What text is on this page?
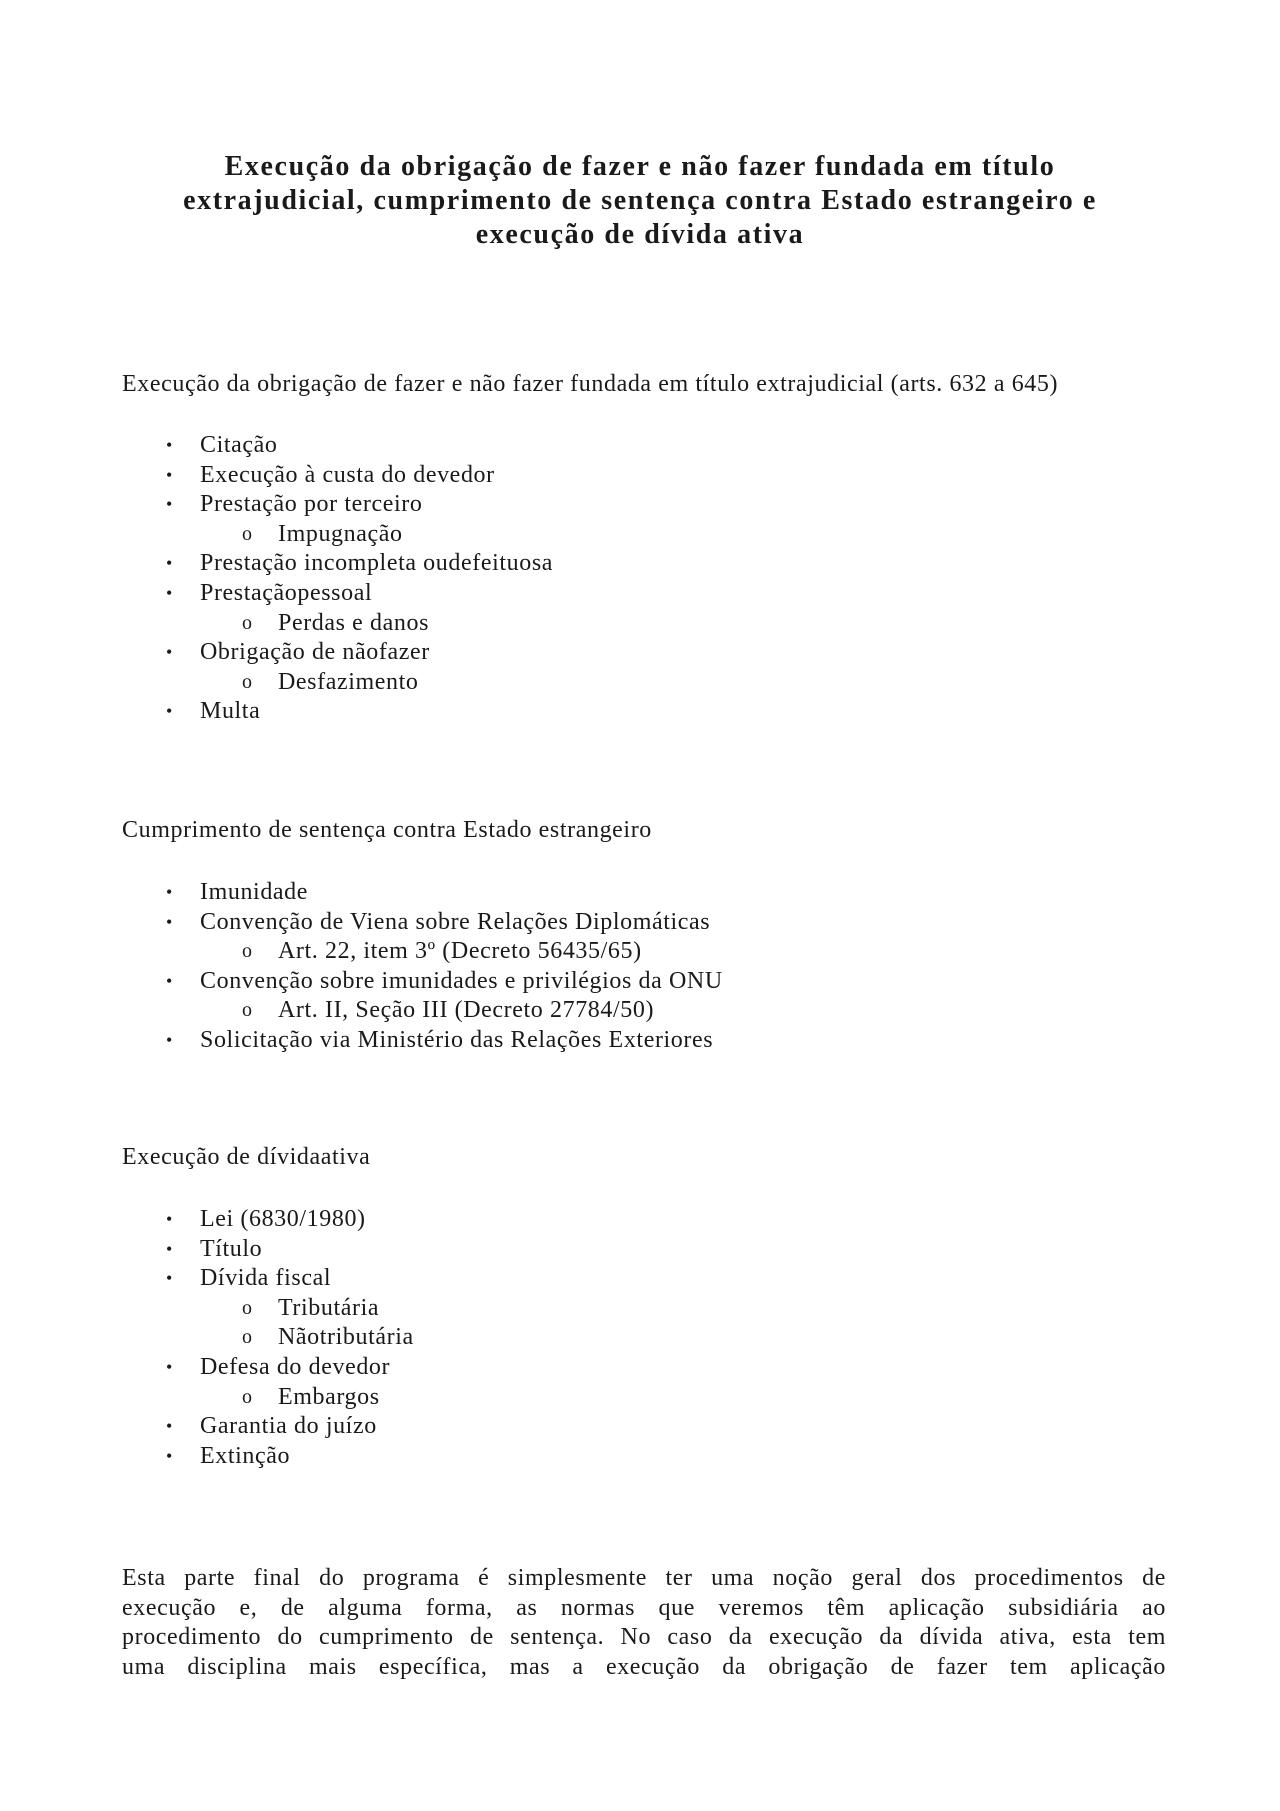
Execução da obrigação de fazer e não fazer fundada em título
extrajudicial, cumprimento de sentença contra Estado estrangeiro e
execução de dívida ativa

Execução da obrigação de fazer e não fazer fundada em título extrajudicial (arts. 632 a 645)

• Citação
• Execução à custa do devedor
• Prestação por terceiro
o Impugnação
• Prestação incompleta oudefeituosa
• Prestaçãopessoal
o Perdas e danos
• Obrigação de nãofazer
o Desfazimento
• Multa

Cumprimento de sentença contra Estado estrangeiro

• Imunidade
• Convenção de Viena sobre Relações Diplomáticas
o Art. 22, item 3º (Decreto 56435/65)
• Convenção sobre imunidades e privilégios da ONU
o Art. II, Seção III (Decreto 27784/50)
• Solicitação via Ministério das Relações Exteriores

Execução de dívidaativa

• Lei (6830/1980)
• Título
• Dívida fiscal
o Tributária
o Nãotributária
• Defesa do devedor
o Embargos
• Garantia do juízo
• Extinção
Esta parte final do programa é simplesmente ter uma noção geral dos procedimentos de
execução e, de alguma forma, as normas que veremos têm aplicação subsidiária ao
procedimento do cumprimento de sentença. No caso da execução da dívida ativa, esta tem
uma disciplina mais específica, mas a execução da obrigação de fazer tem aplicação
